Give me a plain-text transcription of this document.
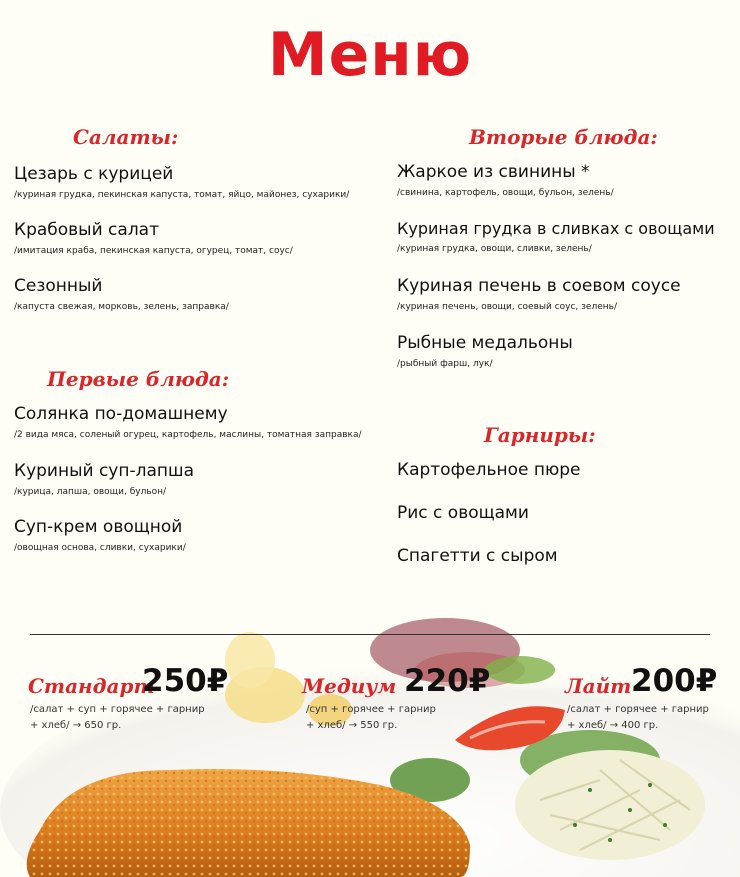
Меню
Салаты:
Цезарь с курицей
/куриная грудка, пекинская капуста, томат, яйцо, майонез, сухарики/
Крабовый салат
/имитация краба, пекинская капуста, огурец, томат, соус/
Сезонный
/капуста свежая, морковь, зелень, заправка/
Первые блюда:
Солянка по-домашнему
/2 вида мяса, соленый огурец, картофель, маслины, томатная заправка/
Куриный суп-лапша
/курица, лапша, овощи, бульон/
Суп-крем овощной
/овощная основа, сливки, сухарики/
Вторые блюда:
Жаркое из свинины *
/свинина, картофель, овощи, бульон, зелень/
Куриная грудка в сливках с овощами
/куриная грудка, овощи, сливки, зелень/
Куриная печень в соевом соусе
/куриная печень, овощи, соевый соус, зелень/
Рыбные медальоны
/рыбный фарш, лук/
Гарниры:
Картофельное пюре
Рис с овощами
Спагетти с сыром
Стандарт
250₽
/салат + суп + горячее + гарнир
+ хлеб/ → 650 гр.
Медиум 220₽
/суп + горячее + гарнир
+ хлеб/ → 550 гр.
Лайт 200₽
/салат + горячее + гарнир
+ хлеб/ → 400 гр.
